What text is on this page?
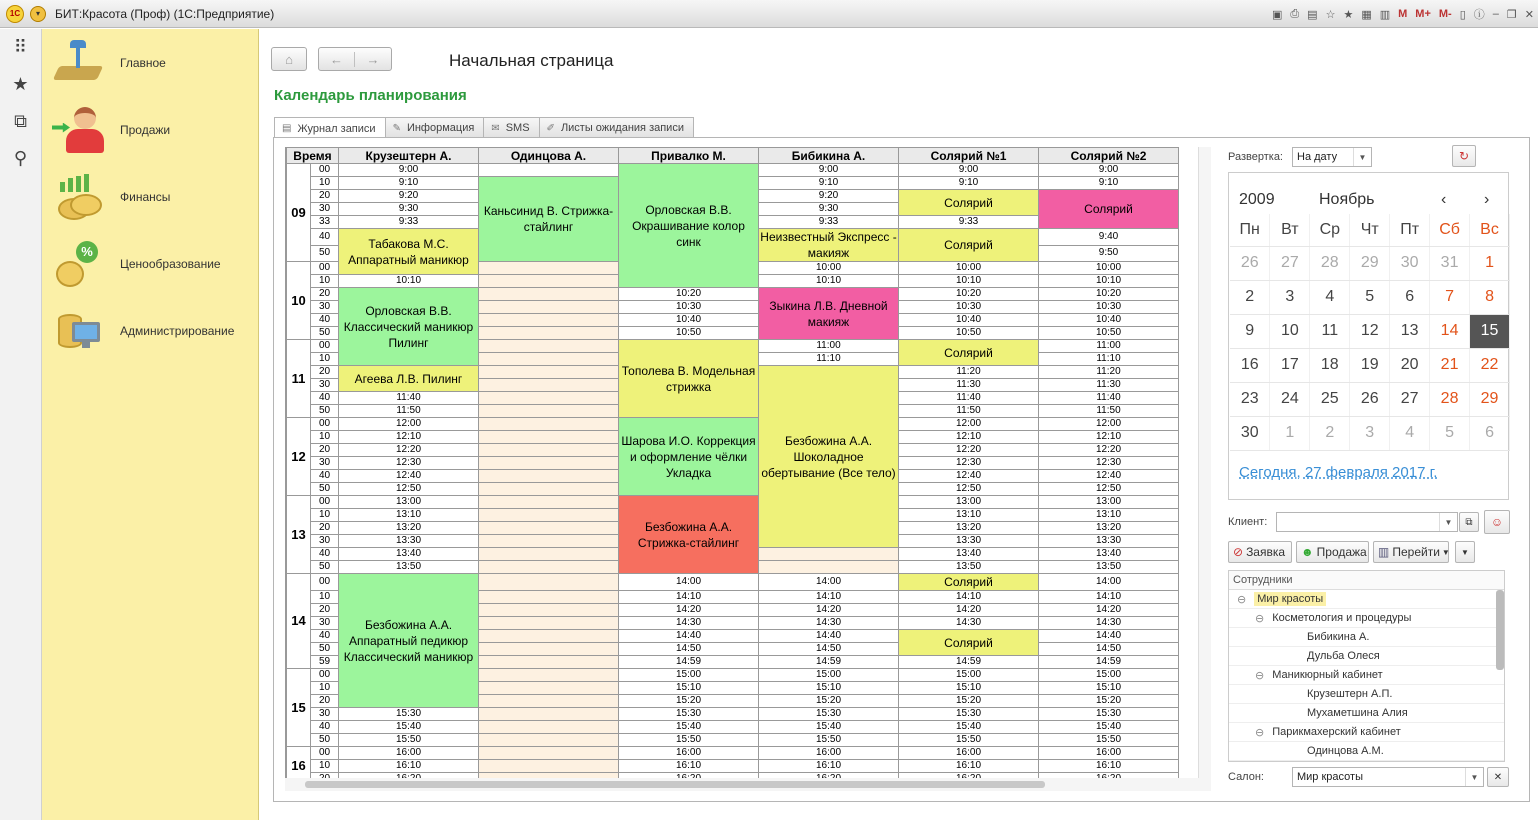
1С	▾	БИТ:Красота (Проф) (1С:Предприятие)	▣ ⎙ ▤ ☆ ★ ▦ ▥ M M+ M- ▯ ⓘ ‒ ❐ ✕
⠿
★
⧉
⚲
Главное
Продажи
Финансы
%
Ценообразование
Администрирование
⌂	←	→	Начальная страница
Календарь планирования
▤ Журнал записи ✎ Информация ✉ SMS ✐ Листы ожидания записи
Время		Крузештерн А.	Одинцова А.	Привалко М.	Бибикина А.	Солярий №1	Солярий №2
09	00	9:00		Орловская В.В. Окрашивание колор синк	9:00	9:00	9:00
	10	9:10	Каньсинид В. Стрижка-стайлинг		9:10	9:10	9:10
	20	9:20			9:20	Солярий	Солярий
	30	9:30			9:30		
	33	9:33			9:33	9:33	
	40	Табакова М.С. Аппаратный маникюр			Неизвестный Экспресс - макияж	Солярий	9:40
	50						9:50
10	00				10:00	10:00	10:00
	10	10:10			10:10	10:10	10:10
	20	Орловская В.В. Классический маникюр Пилинг		10:20	Зыкина Л.В. Дневной макияж	10:20	10:20
	30			10:30		10:30	10:30
	40			10:40		10:40	10:40
	50			10:50		10:50	10:50
11	00			Тополева В. Модельная стрижка	11:00	Солярий	11:00
	10				11:10		11:10
	20	Агеева Л.В. Пилинг			Безбожина А.А. Шоколадное обертывание (Все тело)	11:20	11:20
	30					11:30	11:30
	40	11:40				11:40	11:40
	50	11:50				11:50	11:50
12	00	12:00		Шарова И.О. Коррекция и оформление чёлки Укладка		12:00	12:00
	10	12:10				12:10	12:10
	20	12:20				12:20	12:20
	30	12:30				12:30	12:30
	40	12:40				12:40	12:40
	50	12:50				12:50	12:50
13	00	13:00		Безбожина А.А. Стрижка-стайлинг		13:00	13:00
	10	13:10				13:10	13:10
	20	13:20				13:20	13:20
	30	13:30				13:30	13:30
	40	13:40				13:40	13:40
	50	13:50				13:50	13:50
14	00	Безбожина А.А. Аппаратный педикюр Классический маникюр		14:00	14:00	Солярий	14:00
	10			14:10	14:10	14:10	14:10
	20			14:20	14:20	14:20	14:20
	30			14:30	14:30	14:30	14:30
	40			14:40	14:40	Солярий	14:40
	50			14:50	14:50		14:50
	59			14:59	14:59	14:59	14:59
15	00			15:00	15:00	15:00	15:00
	10			15:10	15:10	15:10	15:10
	20			15:20	15:20	15:20	15:20
	30	15:30		15:30	15:30	15:30	15:30
	40	15:40		15:40	15:40	15:40	15:40
	50	15:50		15:50	15:50	15:50	15:50
16	00	16:00		16:00	16:00	16:00	16:00
	10	16:10		16:10	16:10	16:10	16:10

Развертка:	На дату	▼	↻
2009	Ноябрь	‹	›
Пн	Вт	Ср	Чт	Пт	Сб	Вс
26	27	28	29	30	31	1
2	3	4	5	6	7	8
9	10	11	12	13	14	15
16	17	18	19	20	21	22
23	24	25	26	27	28	29
30	1	2	3	4	5	6
Сегодня, 27 февраля 2017 г.
Клиент:	▼	⧉ ☺
⊘ Заявка ☻ Продажа ▥ Перейти ▼ ▼
Сотрудники
⊖ Мир красоты
⊖ Косметология и процедуры
Бибикина А.
Дульба Олеся
⊖ Маникюрный кабинет
Крузештерн А.П.
Мухаметшина Алия
⊖ Парикмахерский кабинет
Одинцова А.М.
Салон:	Мир красоты	▼	✕
